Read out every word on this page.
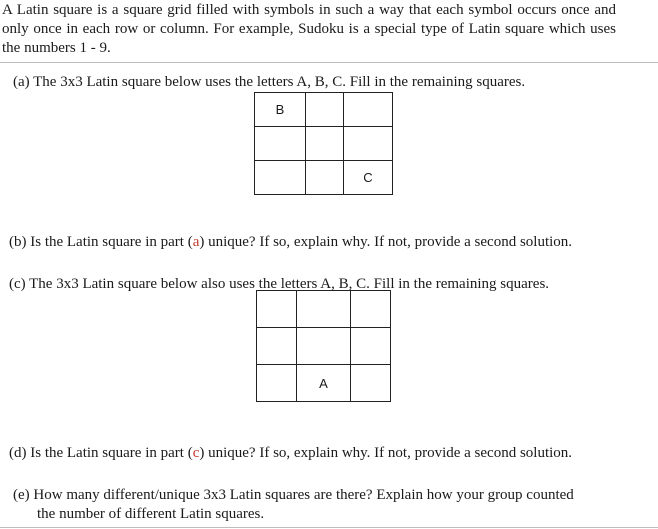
A Latin square is a square grid filled with symbols in such a way that each symbol occurs once and only once in each row or column. For example, Sudoku is a special type of Latin square which uses the numbers 1 - 9.
(a) The 3x3 Latin square below uses the letters A, B, C. Fill in the remaining squares.
B		

		C
(b) Is the Latin square in part (a) unique? If so, explain why. If not, provide a second solution.
(c) The 3x3 Latin square below also uses the letters A, B, C. Fill in the remaining squares.

	A	
(d) Is the Latin square in part (c) unique? If so, explain why. If not, provide a second solution.
(e) How many different/unique 3x3 Latin squares are there? Explain how your group counted
the number of different Latin squares.
